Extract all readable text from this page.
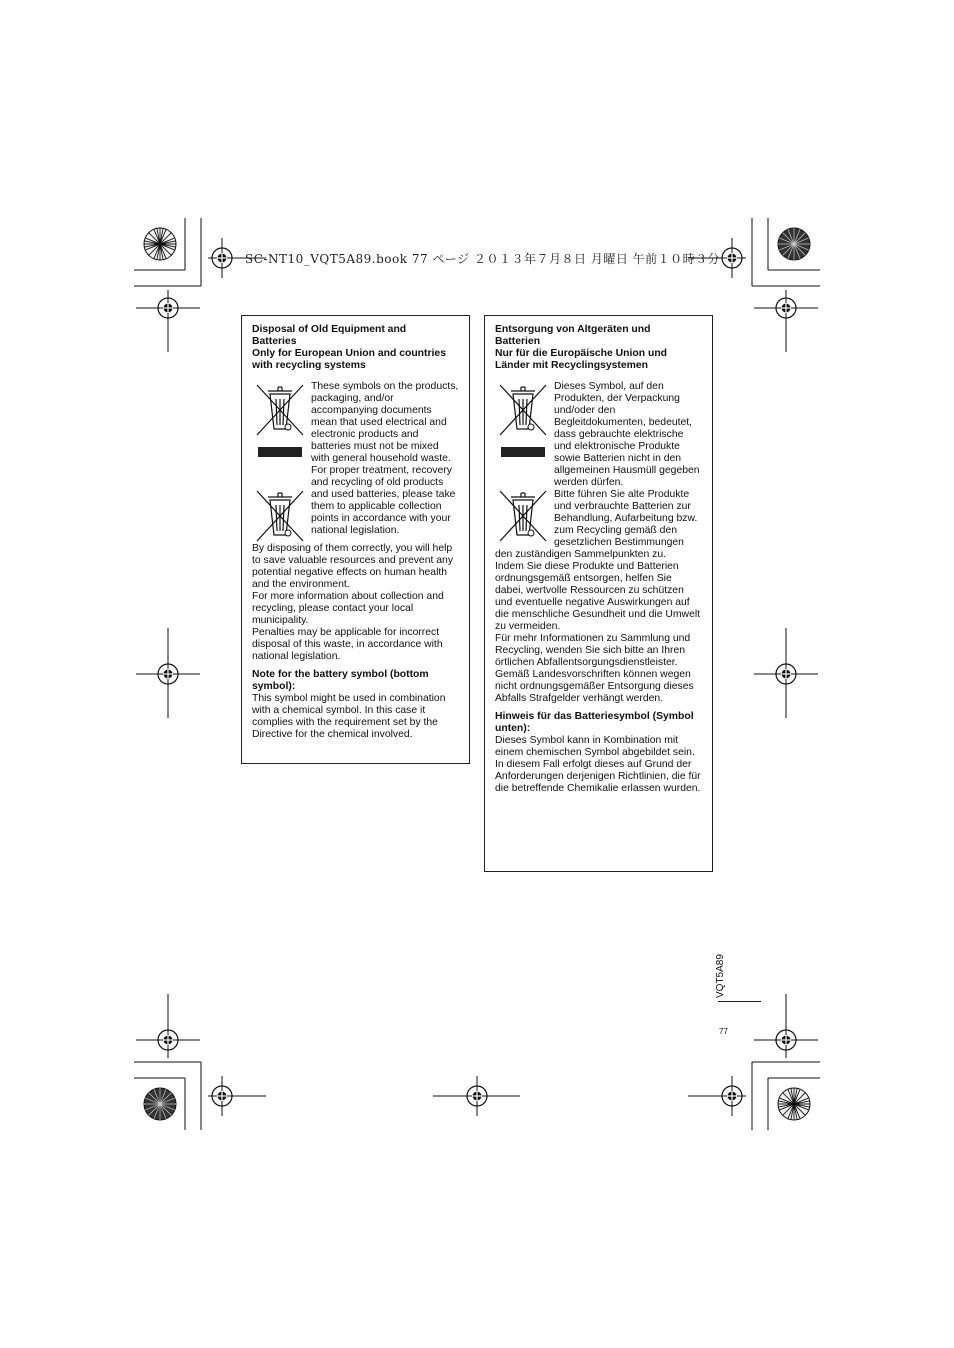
SC-NT10_VQT5A89.book 77 ページ ２０１３年７月８日 月曜日 午前１０時３分
Disposal of Old Equipment and
Batteries
Only for European Union and countries
with recycling systems
These symbols on the products, packaging, and/or accompanying documents mean that used electrical and electronic products and batteries must not be mixed with general household waste.
For proper treatment, recovery and recycling of old products and used batteries, please take them to applicable collection points in accordance with your national legislation.
By disposing of them correctly, you will help to save valuable resources and prevent any potential negative effects on human health and the environment.
For more information about collection and recycling, please contact your local municipality.
Penalties may be applicable for incorrect disposal of this waste, in accordance with national legislation.
Note for the battery symbol (bottom symbol):
This symbol might be used in combination with a chemical symbol. In this case it complies with the requirement set by the Directive for the chemical involved.
Entsorgung von Altgeräten und
Batterien
Nur für die Europäische Union und
Länder mit Recyclingsystemen
Dieses Symbol, auf den Produkten, der Verpackung und/oder den Begleitdokumenten, bedeutet, dass gebrauchte elektrische und elektronische Produkte sowie Batterien nicht in den allgemeinen Hausmüll gegeben werden dürfen.
Bitte führen Sie alte Produkte und verbrauchte Batterien zur Behandlung, Aufarbeitung bzw. zum Recycling gemäß den gesetzlichen Bestimmungen den zuständigen Sammelpunkten zu.
Indem Sie diese Produkte und Batterien ordnungsgemäß entsorgen, helfen Sie dabei, wertvolle Ressourcen zu schützen und eventuelle negative Auswirkungen auf die menschliche Gesundheit und die Umwelt zu vermeiden.
Für mehr Informationen zu Sammlung und Recycling, wenden Sie sich bitte an Ihren örtlichen Abfallentsorgungsdienstleister.
Gemäß Landesvorschriften können wegen nicht ordnungsgemäßer Entsorgung dieses Abfalls Strafgelder verhängt werden.
Hinweis für das Batteriesymbol (Symbol unten):
Dieses Symbol kann in Kombination mit einem chemischen Symbol abgebildet sein. In diesem Fall erfolgt dieses auf Grund der Anforderungen derjenigen Richtlinien, die für die betreffende Chemikalie erlassen wurden.
VQT5A89
77
